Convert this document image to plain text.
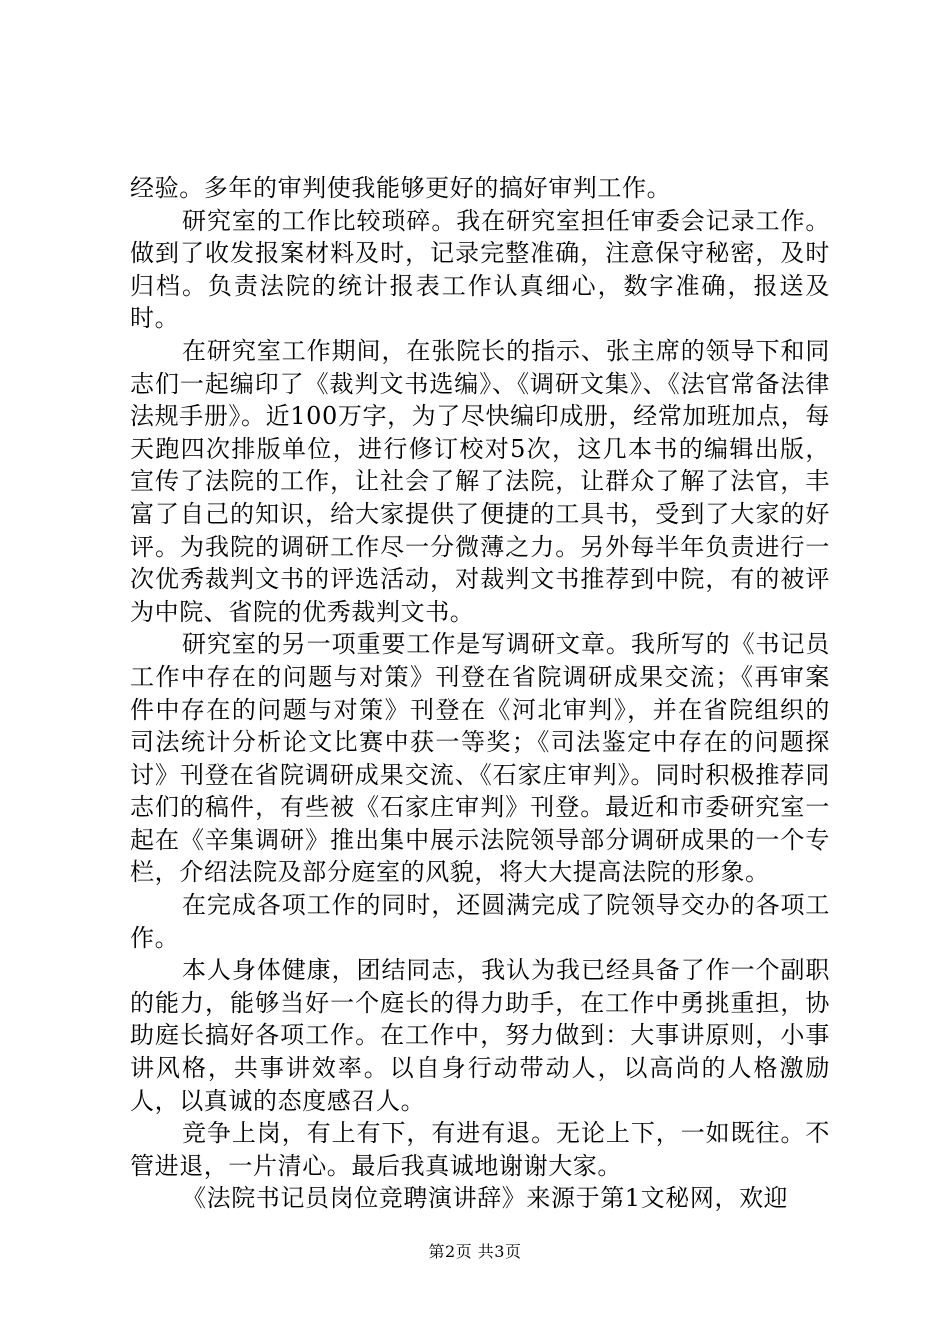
经验。多年的审判使我能够更好的搞好审判工作。

研究室的工作比较琐碎。我在研究室担任审委会记录工作。做到了收发报案材料及时，记录完整准确，注意保守秘密，及时归档。负责法院的统计报表工作认真细心，数字准确，报送及时。

在研究室工作期间，在张院长的指示、张主席的领导下和同志们一起编印了《裁判文书选编》、《调研文集》、《法官常备法律法规手册》。近100万字，为了尽快编印成册，经常加班加点，每天跑四次排版单位，进行修订校对5次，这几本书的编辑出版，宣传了法院的工作，让社会了解了法院，让群众了解了法官，丰富了自己的知识，给大家提供了便捷的工具书，受到了大家的好评。为我院的调研工作尽一分微薄之力。另外每半年负责进行一次优秀裁判文书的评选活动，对裁判文书推荐到中院，有的被评为中院、省院的优秀裁判文书。

研究室的另一项重要工作是写调研文章。我所写的《书记员工作中存在的问题与对策》刊登在省院调研成果交流；《再审案件中存在的问题与对策》刊登在《河北审判》，并在省院组织的司法统计分析论文比赛中获一等奖；《司法鉴定中存在的问题探讨》刊登在省院调研成果交流、《石家庄审判》。同时积极推荐同志们的稿件，有些被《石家庄审判》刊登。最近和市委研究室一起在《辛集调研》推出集中展示法院领导部分调研成果的一个专栏，介绍法院及部分庭室的风貌，将大大提高法院的形象。

在完成各项工作的同时，还圆满完成了院领导交办的各项工作。

本人身体健康，团结同志，我认为我已经具备了作一个副职的能力，能够当好一个庭长的得力助手，在工作中勇挑重担，协助庭长搞好各项工作。在工作中，努力做到：大事讲原则，小事讲风格，共事讲效率。以自身行动带动人，以高尚的人格激励人，以真诚的态度感召人。

竞争上岗，有上有下，有进有退。无论上下，一如既往。不管进退，一片清心。最后我真诚地谢谢大家。

《法院书记员岗位竞聘演讲辞》来源于第1文秘网，欢迎

第2页 共3页
